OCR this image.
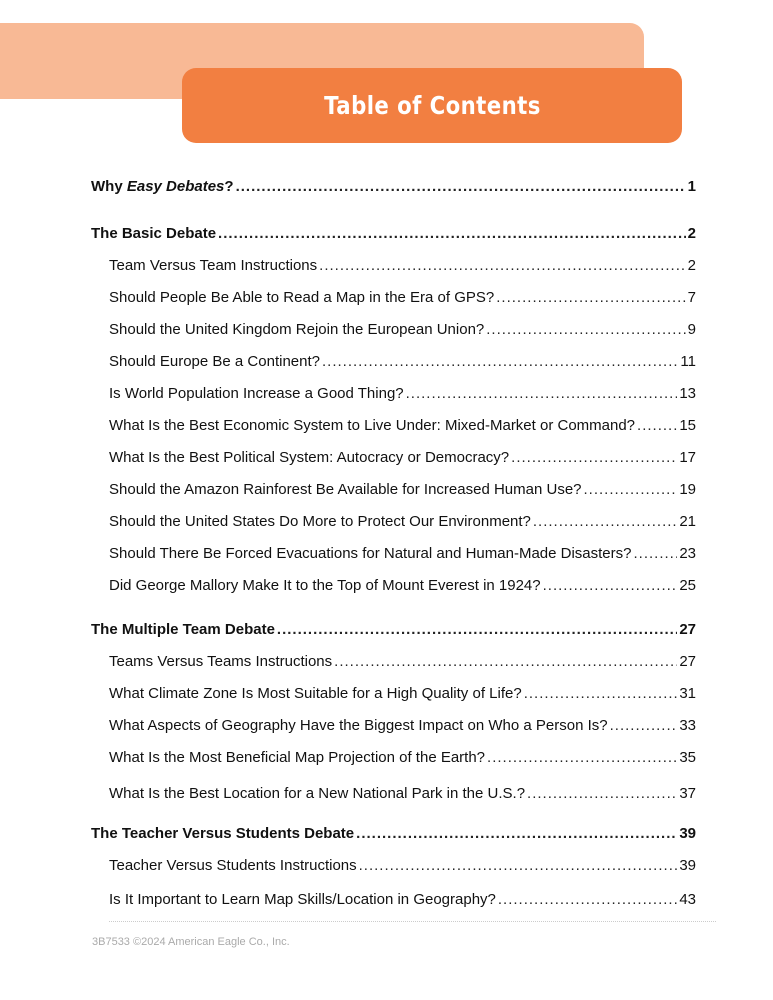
Table of Contents
Why Easy Debates? .....	1
The Basic Debate .....	2
Team Versus Team Instructions .....	2
Should People Be Able to Read a Map in the Era of GPS? .....	7
Should the United Kingdom Rejoin the European Union? .....	9
Should Europe Be a Continent? .....	11
Is World Population Increase a Good Thing? .....	13
What Is the Best Economic System to Live Under: Mixed-Market or Command? .....	15
What Is the Best Political System: Autocracy or Democracy? .....	17
Should the Amazon Rainforest Be Available for Increased Human Use? .....	19
Should the United States Do More to Protect Our Environment? .....	21
Should There Be Forced Evacuations for Natural and Human-Made Disasters? .....	23
Did George Mallory Make It to the Top of Mount Everest in 1924? .....	25
The Multiple Team Debate .....	27
Teams Versus Teams Instructions .....	27
What Climate Zone Is Most Suitable for a High Quality of Life? .....	31
What Aspects of Geography Have the Biggest Impact on Who a Person Is? .....	33
What Is the Most Beneficial Map Projection of the Earth? .....	35
What Is the Best Location for a New National Park in the U.S.? .....	37
The Teacher Versus Students Debate .....	39
Teacher Versus Students Instructions .....	39
Is It Important to Learn Map Skills/Location in Geography? .....	43
3B7533 ©2024 American Eagle Co., Inc.
